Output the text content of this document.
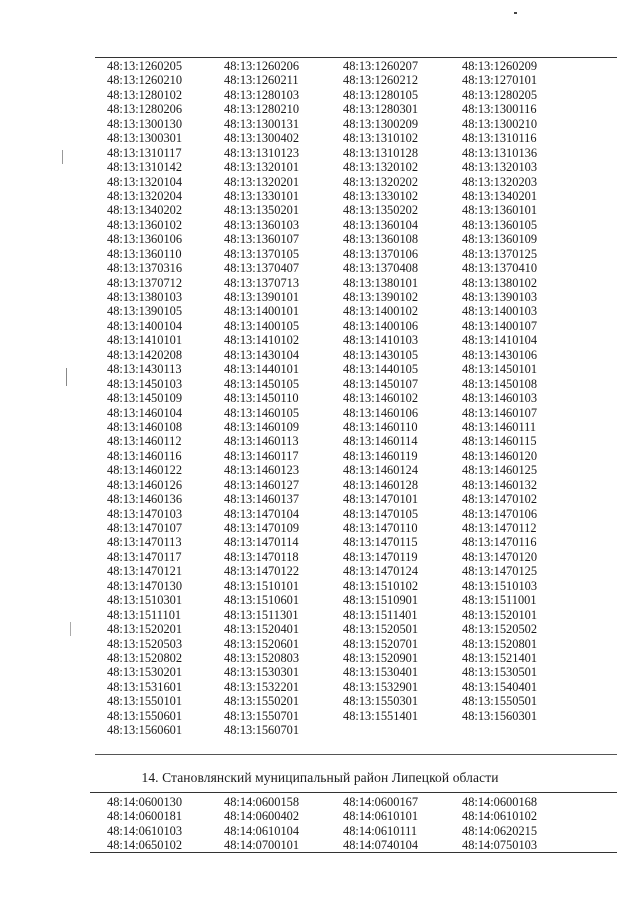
48:13:1260205	48:13:1260206	48:13:1260207	48:13:1260209
48:13:1260210	48:13:1260211	48:13:1260212	48:13:1270101
48:13:1280102	48:13:1280103	48:13:1280105	48:13:1280205
48:13:1280206	48:13:1280210	48:13:1280301	48:13:1300116
48:13:1300130	48:13:1300131	48:13:1300209	48:13:1300210
48:13:1300301	48:13:1300402	48:13:1310102	48:13:1310116
48:13:1310117	48:13:1310123	48:13:1310128	48:13:1310136
48:13:1310142	48:13:1320101	48:13:1320102	48:13:1320103
48:13:1320104	48:13:1320201	48:13:1320202	48:13:1320203
48:13:1320204	48:13:1330101	48:13:1330102	48:13:1340201
48:13:1340202	48:13:1350201	48:13:1350202	48:13:1360101
48:13:1360102	48:13:1360103	48:13:1360104	48:13:1360105
48:13:1360106	48:13:1360107	48:13:1360108	48:13:1360109
48:13:1360110	48:13:1370105	48:13:1370106	48:13:1370125
48:13:1370316	48:13:1370407	48:13:1370408	48:13:1370410
48:13:1370712	48:13:1370713	48:13:1380101	48:13:1380102
48:13:1380103	48:13:1390101	48:13:1390102	48:13:1390103
48:13:1390105	48:13:1400101	48:13:1400102	48:13:1400103
48:13:1400104	48:13:1400105	48:13:1400106	48:13:1400107
48:13:1410101	48:13:1410102	48:13:1410103	48:13:1410104
48:13:1420208	48:13:1430104	48:13:1430105	48:13:1430106
48:13:1430113	48:13:1440101	48:13:1440105	48:13:1450101
48:13:1450103	48:13:1450105	48:13:1450107	48:13:1450108
48:13:1450109	48:13:1450110	48:13:1460102	48:13:1460103
48:13:1460104	48:13:1460105	48:13:1460106	48:13:1460107
48:13:1460108	48:13:1460109	48:13:1460110	48:13:1460111
48:13:1460112	48:13:1460113	48:13:1460114	48:13:1460115
48:13:1460116	48:13:1460117	48:13:1460119	48:13:1460120
48:13:1460122	48:13:1460123	48:13:1460124	48:13:1460125
48:13:1460126	48:13:1460127	48:13:1460128	48:13:1460132
48:13:1460136	48:13:1460137	48:13:1470101	48:13:1470102
48:13:1470103	48:13:1470104	48:13:1470105	48:13:1470106
48:13:1470107	48:13:1470109	48:13:1470110	48:13:1470112
48:13:1470113	48:13:1470114	48:13:1470115	48:13:1470116
48:13:1470117	48:13:1470118	48:13:1470119	48:13:1470120
48:13:1470121	48:13:1470122	48:13:1470124	48:13:1470125
48:13:1470130	48:13:1510101	48:13:1510102	48:13:1510103
48:13:1510301	48:13:1510601	48:13:1510901	48:13:1511001
48:13:1511101	48:13:1511301	48:13:1511401	48:13:1520101
48:13:1520201	48:13:1520401	48:13:1520501	48:13:1520502
48:13:1520503	48:13:1520601	48:13:1520701	48:13:1520801
48:13:1520802	48:13:1520803	48:13:1520901	48:13:1521401
48:13:1530201	48:13:1530301	48:13:1530401	48:13:1530501
48:13:1531601	48:13:1532201	48:13:1532901	48:13:1540401
48:13:1550101	48:13:1550201	48:13:1550301	48:13:1550501
48:13:1550601	48:13:1550701	48:13:1551401	48:13:1560301
48:13:1560601	48:13:1560701
14. Становлянский муниципальный район Липецкой области
48:14:0600130	48:14:0600158	48:14:0600167	48:14:0600168
48:14:0600181	48:14:0600402	48:14:0610101	48:14:0610102
48:14:0610103	48:14:0610104	48:14:0610111	48:14:0620215
48:14:0650102	48:14:0700101	48:14:0740104	48:14:0750103
